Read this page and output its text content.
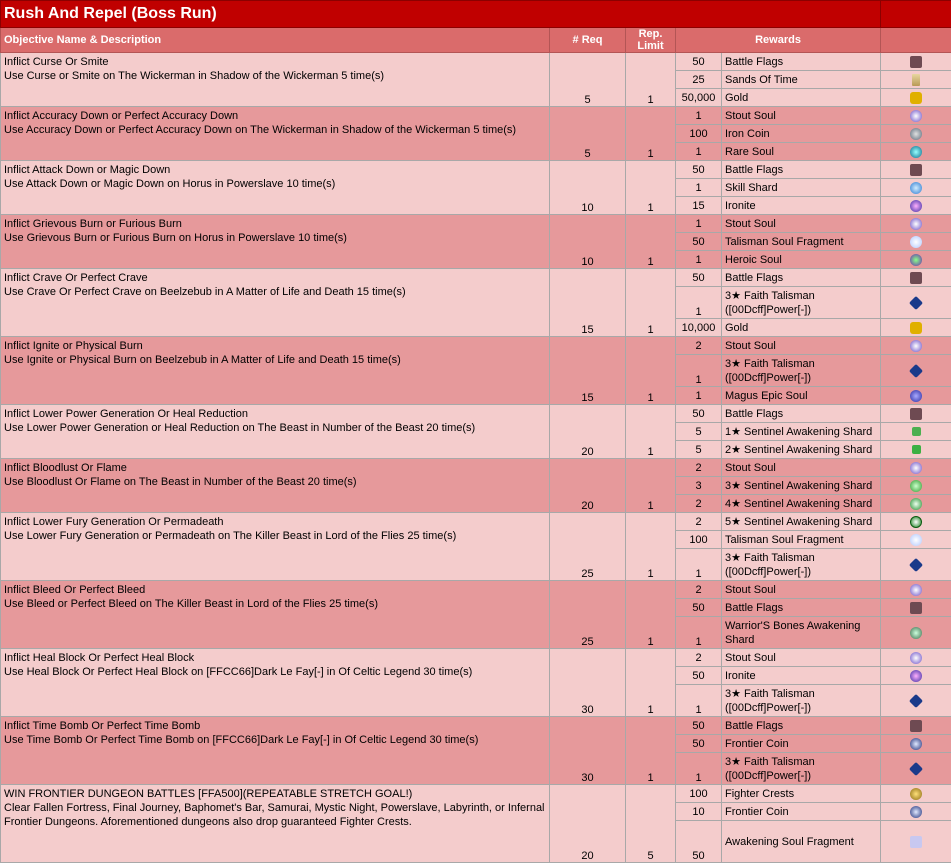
Rush And Repel (Boss Run)					
Objective Name & Description	# Req	Rep. Limit	Rewards		

Inflict Curse Or Smite
Use Curse or Smite on The Wickerman in Shadow of the Wickerman 5 time(s)	5	1	50	Battle Flags	
			25	Sands Of Time	
			50,000	Gold	

Inflict Accuracy Down or Perfect Accuracy Down
Use Accuracy Down or Perfect Accuracy Down on The Wickerman in Shadow of the Wickerman 5 time(s)	5	1	1	Stout Soul	
			100	Iron Coin	
			1	Rare Soul	

Inflict Attack Down or Magic Down
Use Attack Down or Magic Down on Horus in Powerslave 10 time(s)	10	1	50	Battle Flags	
			1	Skill Shard	
			15	Ironite	

Inflict Grievous Burn or Furious Burn
Use Grievous Burn or Furious Burn on Horus in Powerslave 10 time(s)	10	1	1	Stout Soul	
			50	Talisman Soul Fragment	
			1	Heroic Soul	

Inflict Crave Or Perfect Crave
Use Crave Or Perfect Crave on Beelzebub in A Matter of Life and Death 15 time(s)	15	1	50	Battle Flags	
			1	3★ Faith Talisman ([00Dcff]Power[-])	
			10,000	Gold	

Inflict Ignite or Physical Burn
Use Ignite or Physical Burn on Beelzebub in A Matter of Life and Death 15 time(s)	15	1	2	Stout Soul	
			1	3★ Faith Talisman ([00Dcff]Power[-])	
			1	Magus Epic Soul	

Inflict Lower Power Generation Or Heal Reduction
Use Lower Power Generation or Heal Reduction on The Beast in Number of the Beast 20 time(s)	20	1	50	Battle Flags	
			5	1★ Sentinel Awakening Shard	
			5	2★ Sentinel Awakening Shard	

Inflict Bloodlust Or Flame
Use Bloodlust Or Flame on The Beast in Number of the Beast 20 time(s)	20	1	2	Stout Soul	
			3	3★ Sentinel Awakening Shard	
			2	4★ Sentinel Awakening Shard	

Inflict Lower Fury Generation Or Permadeath
Use Lower Fury Generation or Permadeath on The Killer Beast in Lord of the Flies 25 time(s)	25	1	2	5★ Sentinel Awakening Shard	
			100	Talisman Soul Fragment	
			1	3★ Faith Talisman ([00Dcff]Power[-])	

Inflict Bleed Or Perfect Bleed
Use Bleed or Perfect Bleed on The Killer Beast in Lord of the Flies 25 time(s)	25	1	2	Stout Soul	
			50	Battle Flags	
			1	Warrior'S Bones Awakening Shard	

Inflict Heal Block Or Perfect Heal Block
Use Heal Block Or Perfect Heal Block on [FFCC66]Dark Le Fay[-] in Of Celtic Legend 30 time(s)	30	1	2	Stout Soul	
			50	Ironite	
			1	3★ Faith Talisman ([00Dcff]Power[-])	

Inflict Time Bomb Or Perfect Time Bomb
Use Time Bomb Or Perfect Time Bomb on [FFCC66]Dark Le Fay[-] in Of Celtic Legend 30 time(s)	30	1	50	Battle Flags	
			50	Frontier Coin	
			1	3★ Faith Talisman ([00Dcff]Power[-])	

WIN FRONTIER DUNGEON BATTLES [FFA500](REPEATABLE STRETCH GOAL!)
Clear Fallen Fortress, Final Journey, Baphomet's Bar, Samurai, Mystic Night, Powerslave, Labyrinth, or Infernal Frontier Dungeons. Aforementioned dungeons also drop guaranteed Fighter Crests.	20	5	100	Fighter Crests	
			10	Frontier Coin	
			50	Awakening Soul Fragment	
